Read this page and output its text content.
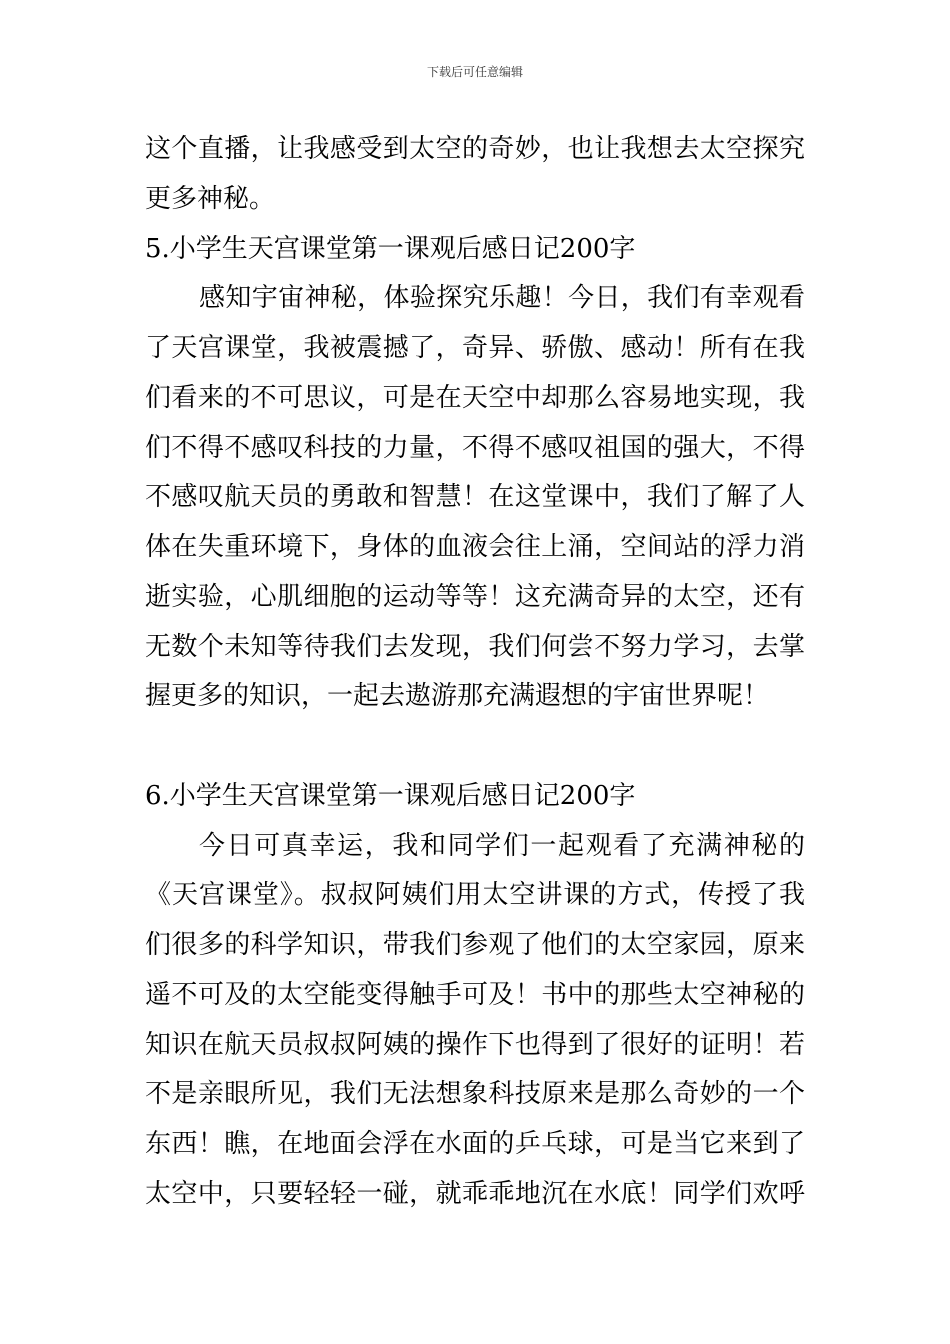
下载后可任意编辑
这个直播，让我感受到太空的奇妙，也让我想去太空探究
更多神秘。
5.小学生天宫课堂第一课观后感日记200字
感知宇宙神秘，体验探究乐趣！今日，我们有幸观看
了天宫课堂，我被震撼了，奇异、骄傲、感动！所有在我
们看来的不可思议，可是在天空中却那么容易地实现，我
们不得不感叹科技的力量，不得不感叹祖国的强大，不得
不感叹航天员的勇敢和智慧！在这堂课中，我们了解了人
体在失重环境下，身体的血液会往上涌，空间站的浮力消
逝实验，心肌细胞的运动等等！这充满奇异的太空，还有
无数个未知等待我们去发现，我们何尝不努力学习，去掌
握更多的知识，一起去遨游那充满遐想的宇宙世界呢！
6.小学生天宫课堂第一课观后感日记200字
今日可真幸运，我和同学们一起观看了充满神秘的
《天宫课堂》。叔叔阿姨们用太空讲课的方式，传授了我
们很多的科学知识，带我们参观了他们的太空家园，原来
遥不可及的太空能变得触手可及！书中的那些太空神秘的
知识在航天员叔叔阿姨的操作下也得到了很好的证明！若
不是亲眼所见，我们无法想象科技原来是那么奇妙的一个
东西！瞧，在地面会浮在水面的乒乓球，可是当它来到了
太空中，只要轻轻一碰，就乖乖地沉在水底！同学们欢呼
